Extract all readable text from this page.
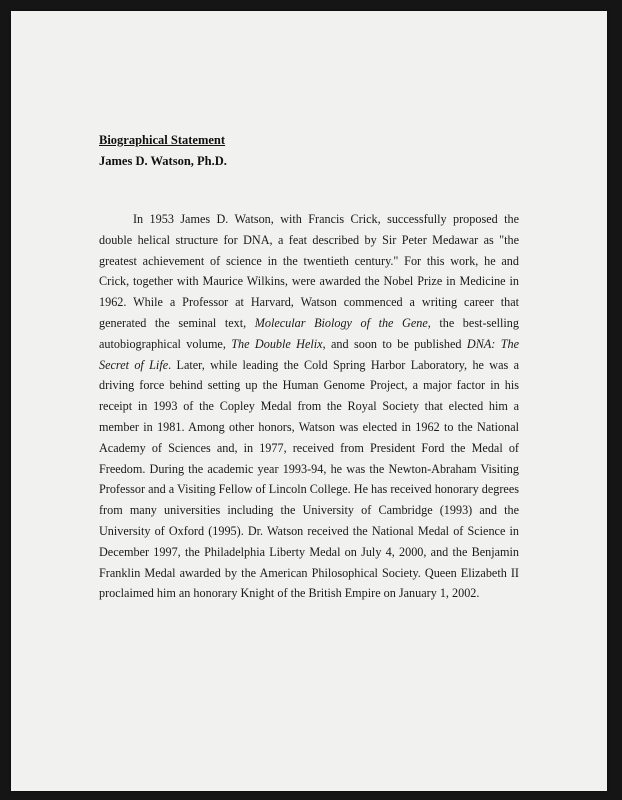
Biographical Statement
James D. Watson, Ph.D.

In 1953 James D. Watson, with Francis Crick, successfully proposed the double helical structure for DNA, a feat described by Sir Peter Medawar as "the greatest achievement of science in the twentieth century." For this work, he and Crick, together with Maurice Wilkins, were awarded the Nobel Prize in Medicine in 1962. While a Professor at Harvard, Watson commenced a writing career that generated the seminal text, Molecular Biology of the Gene, the best-selling autobiographical volume, The Double Helix, and soon to be published DNA: The Secret of Life. Later, while leading the Cold Spring Harbor Laboratory, he was a driving force behind setting up the Human Genome Project, a major factor in his receipt in 1993 of the Copley Medal from the Royal Society that elected him a member in 1981. Among other honors, Watson was elected in 1962 to the National Academy of Sciences and, in 1977, received from President Ford the Medal of Freedom. During the academic year 1993-94, he was the Newton-Abraham Visiting Professor and a Visiting Fellow of Lincoln College. He has received honorary degrees from many universities including the University of Cambridge (1993) and the University of Oxford (1995). Dr. Watson received the National Medal of Science in December 1997, the Philadelphia Liberty Medal on July 4, 2000, and the Benjamin Franklin Medal awarded by the American Philosophical Society. Queen Elizabeth II proclaimed him an honorary Knight of the British Empire on January 1, 2002.
